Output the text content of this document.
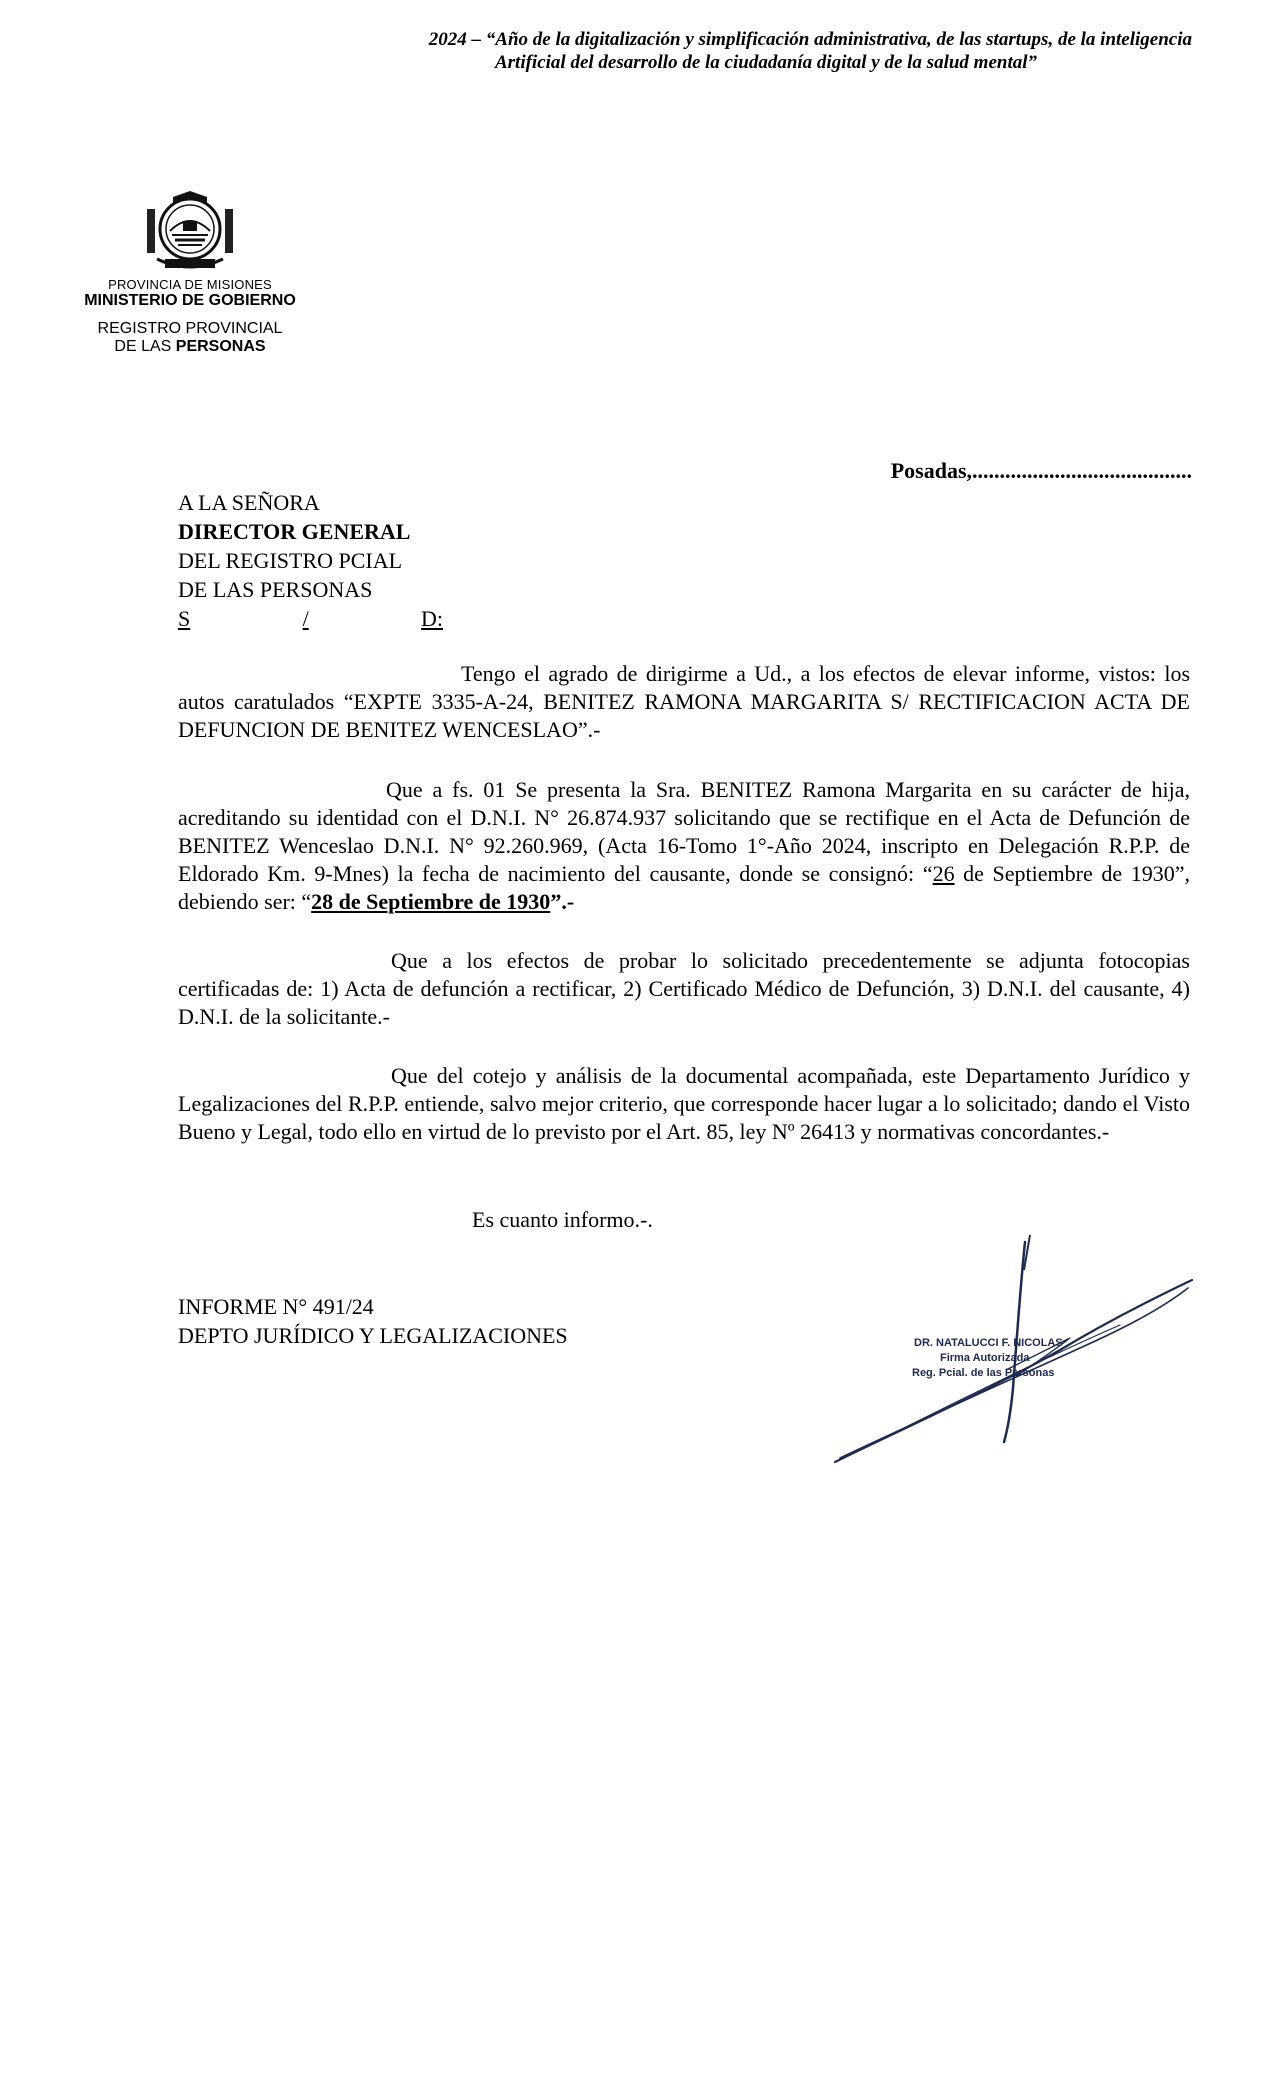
2024 – “Año de la digitalización y simplificación administrativa, de las startups, de la inteligencia
Artificial del desarrollo de la ciudadanía digital y de la salud mental”
PROVINCIA DE MISIONES
MINISTERIO DE GOBIERNO
REGISTRO PROVINCIAL
DE LAS PERSONAS
Posadas,........................................
A LA SEÑORA
DIRECTOR GENERAL
DEL REGISTRO PCIAL
DE LAS PERSONAS
S	/	D:

Tengo el agrado de dirigirme a Ud., a los efectos de elevar informe, vistos: los autos caratulados “EXPTE 3335-A-24, BENITEZ RAMONA MARGARITA S/ RECTIFICACION ACTA DE DEFUNCION DE BENITEZ WENCESLAO”.-

Que a fs. 01 Se presenta la Sra. BENITEZ Ramona Margarita en su carácter de hija, acreditando su identidad con el D.N.I. N° 26.874.937 solicitando que se rectifique en el Acta de Defunción de BENITEZ Wenceslao D.N.I. N° 92.260.969, (Acta 16-Tomo 1°-Año 2024, inscripto en Delegación R.P.P. de Eldorado Km. 9-Mnes) la fecha de nacimiento del causante, donde se consignó: “26 de Septiembre de 1930”, debiendo ser: “28 de Septiembre de 1930”.-

Que a los efectos de probar lo solicitado precedentemente se adjunta fotocopias certificadas de: 1) Acta de defunción a rectificar, 2) Certificado Médico de Defunción, 3) D.N.I. del causante, 4) D.N.I. de la solicitante.-

Que del cotejo y análisis de la documental acompañada, este Departamento Jurídico y Legalizaciones del R.P.P. entiende, salvo mejor criterio, que corresponde hacer lugar a lo solicitado; dando el Visto Bueno y Legal, todo ello en virtud de lo previsto por el Art. 85, ley Nº 26413 y normativas concordantes.-

Es cuanto informo.-.

INFORME N° 491/24
DEPTO JURÍDICO Y LEGALIZACIONES	DR. NATALUCCI F. NICOLAS
Firma Autorizada
Reg. Pcial. de las Personas
